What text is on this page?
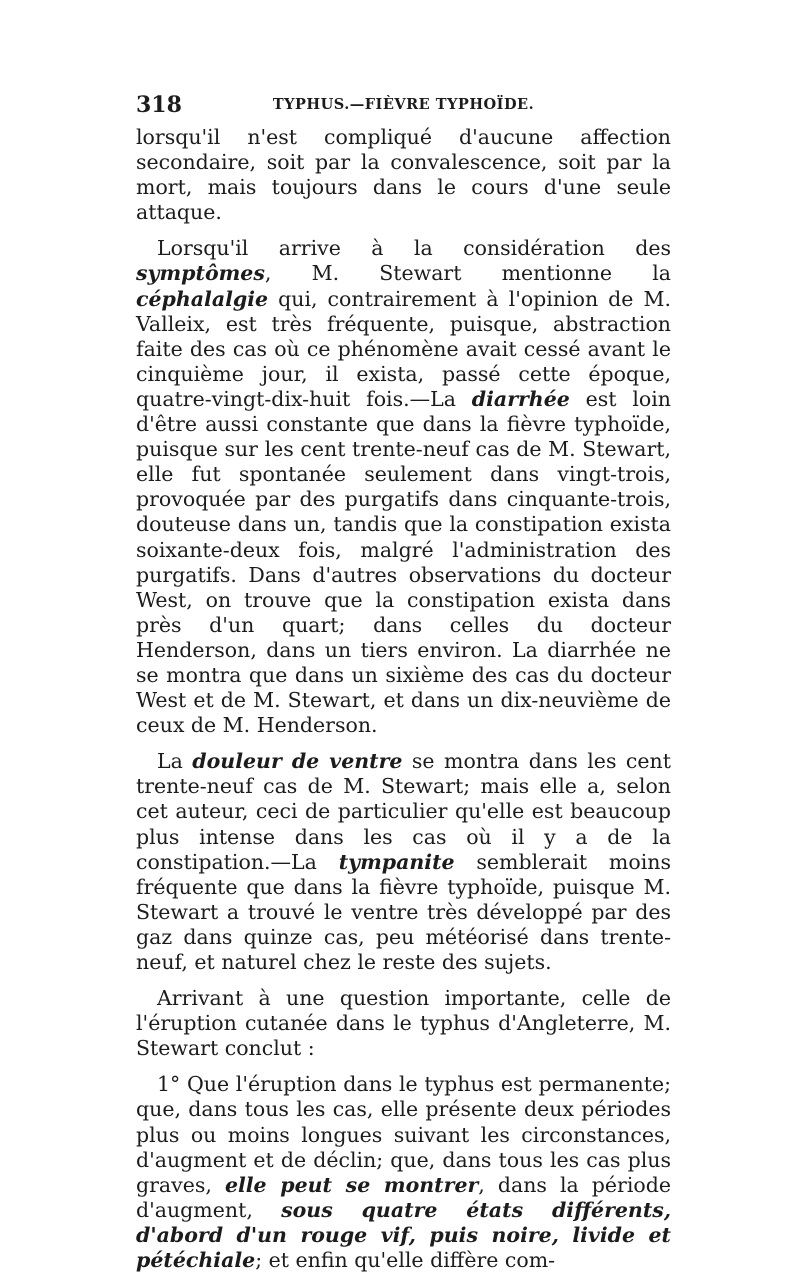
318	TYPHUS.—FIÈVRE TYPHOÏDE.

lorsqu'il n'est compliqué d'aucune affection secondaire, soit par la convalescence, soit par la mort, mais toujours dans le cours d'une seule attaque.

Lorsqu'il arrive à la considération des symptômes, M. Stewart mentionne la céphalalgie qui, contrairement à l'opinion de M. Valleix, est très fréquente, puisque, abstraction faite des cas où ce phénomène avait cessé avant le cinquième jour, il exista, passé cette époque, quatre-vingt-dix-huit fois.—La diarrhée est loin d'être aussi constante que dans la fièvre typhoïde, puisque sur les cent trente-neuf cas de M. Stewart, elle fut spontanée seulement dans vingt-trois, provoquée par des purgatifs dans cinquante-trois, douteuse dans un, tandis que la constipation exista soixante-deux fois, malgré l'administration des purgatifs. Dans d'autres observations du docteur West, on trouve que la constipation exista dans près d'un quart; dans celles du docteur Henderson, dans un tiers environ. La diarrhée ne se montra que dans un sixième des cas du docteur West et de M. Stewart, et dans un dix-neuvième de ceux de M. Henderson.

La douleur de ventre se montra dans les cent trente-neuf cas de M. Stewart; mais elle a, selon cet auteur, ceci de particulier qu'elle est beaucoup plus intense dans les cas où il y a de la constipation.—La tympanite semblerait moins fréquente que dans la fièvre typhoïde, puisque M. Stewart a trouvé le ventre très développé par des gaz dans quinze cas, peu météorisé dans trente-neuf, et naturel chez le reste des sujets.

Arrivant à une question importante, celle de l'éruption cutanée dans le typhus d'Angleterre, M. Stewart conclut :

1° Que l'éruption dans le typhus est permanente; que, dans tous les cas, elle présente deux périodes plus ou moins longues suivant les circonstances, d'augment et de déclin; que, dans tous les cas plus graves, elle peut se montrer, dans la période d'augment, sous quatre états différents, d'abord d'un rouge vif, puis noire, livide et pétéchiale; et enfin qu'elle diffère com-
